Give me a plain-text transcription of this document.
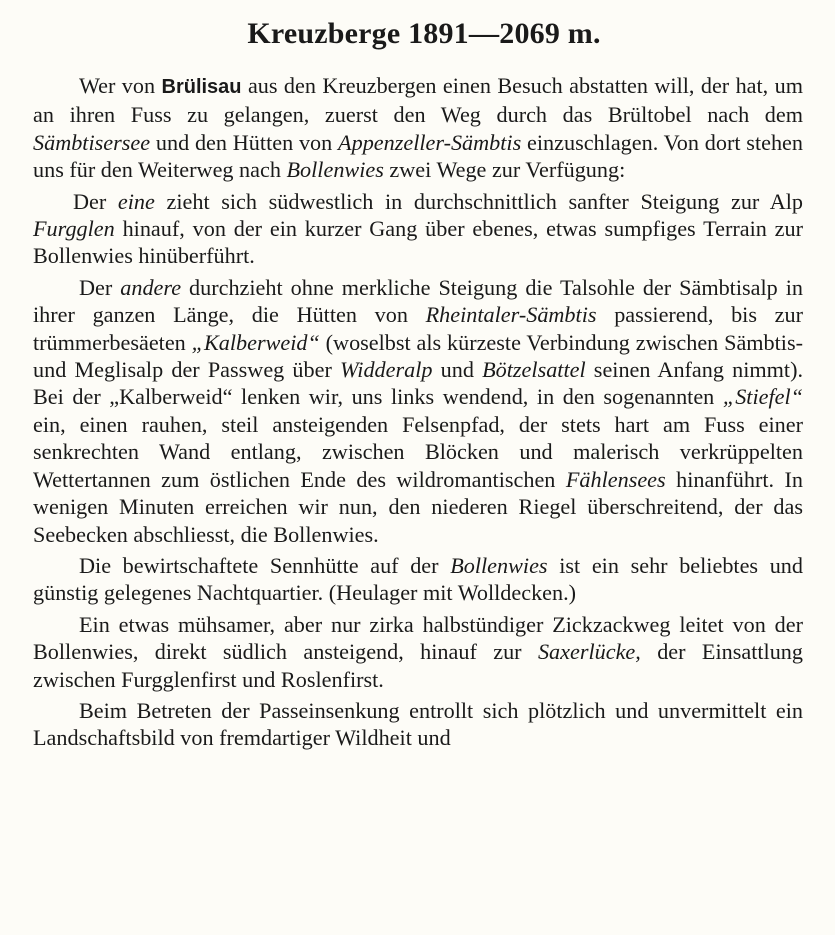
Kreuzberge 1891––2069 m.

Wer von Brülisau aus den Kreuzbergen einen Besuch abstatten will, der hat, um an ihren Fuss zu gelangen, zuerst den Weg durch das Brültobel nach dem Sämbtisersee und den Hütten von Appenzeller-Sämbtis einzuschlagen. Von dort stehen uns für den Weiterweg nach Bollenwies zwei Wege zur Verfügung:

Der eine zieht sich südwestlich in durchschnittlich sanfter Steigung zur Alp Furgglen hinauf, von der ein kurzer Gang über ebenes, etwas sumpfiges Terrain zur Bollenwies hinüberführt.

Der andere durchzieht ohne merkliche Steigung die Talsohle der Sämbtisalp in ihrer ganzen Länge, die Hütten von Rheintaler-Sämbtis passierend, bis zur trümmerbesäeten „Kalberweid“ (woselbst als kürzeste Verbindung zwischen Sämbtis- und Meglisalp der Passweg über Widderalp und Bötzelsattel seinen Anfang nimmt). Bei der „Kalberweid“ lenken wir, uns links wendend, in den sogenannten „Stiefel“ ein, einen rauhen, steil ansteigenden Felsenpfad, der stets hart am Fuss einer senkrechten Wand entlang, zwischen Blöcken und malerisch verkrüppelten Wettertannen zum östlichen Ende des wildromantischen Fählensees hinanführt. In wenigen Minuten erreichen wir nun, den niederen Riegel überschreitend, der das Seebecken abschliesst, die Bollenwies.

Die bewirtschaftete Sennhütte auf der Bollenwies ist ein sehr beliebtes und günstig gelegenes Nachtquartier. (Heulager mit Wolldecken.)

Ein etwas mühsamer, aber nur zirka halbstündiger Zickzackweg leitet von der Bollenwies, direkt südlich ansteigend, hinauf zur Saxerlücke, der Einsattlung zwischen Furgglenfirst und Roslenfirst.

Beim Betreten der Passeinsenkung entrollt sich plötzlich und unvermittelt ein Landschaftsbild von fremdartiger Wildheit und
